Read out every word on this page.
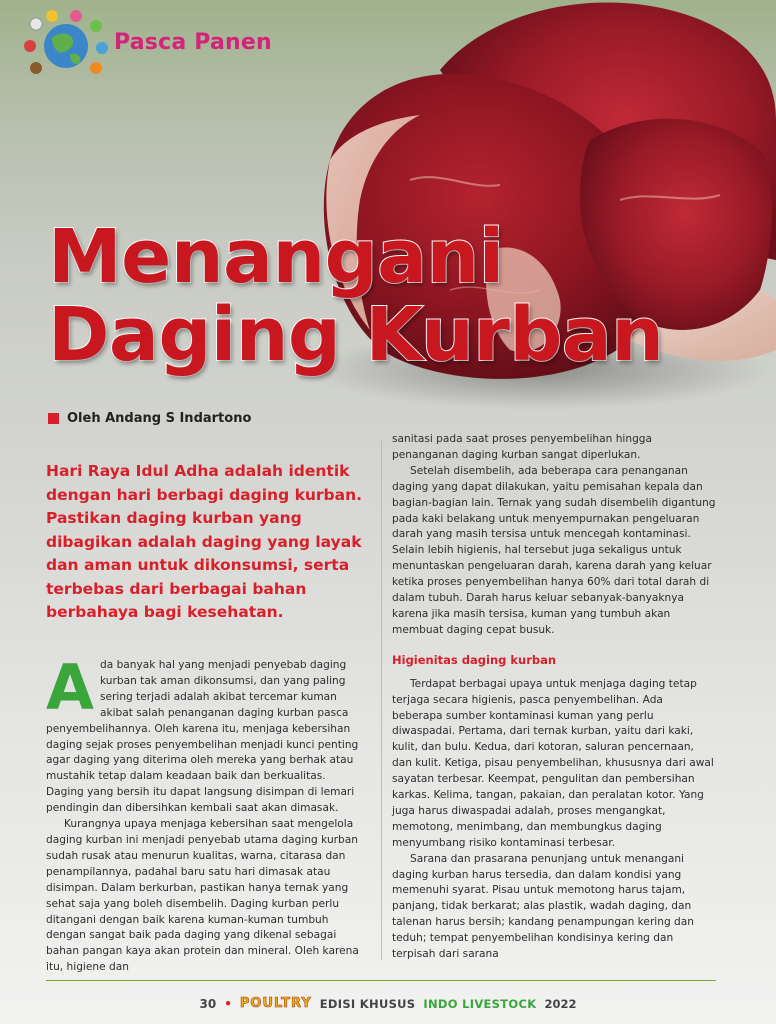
Pasca Panen
Menangani
Daging Kurban
Oleh Andang S Indartono
Hari Raya Idul Adha adalah identik dengan hari berbagi daging kurban. Pastikan daging kurban yang dibagikan adalah daging yang layak dan aman untuk dikonsumsi, serta terbebas dari berbagai bahan berbahaya bagi kesehatan.
A da banyak hal yang menjadi penyebab daging kurban tak aman dikonsumsi, dan yang paling sering terjadi adalah akibat tercemar kuman akibat salah penanganan daging kurban pasca penyembelihannya. Oleh karena itu, menjaga kebersihan daging sejak proses penyembelihan menjadi kunci penting agar daging yang diterima oleh mereka yang berhak atau mustahik tetap dalam keadaan baik dan berkualitas. Daging yang bersih itu dapat langsung disimpan di lemari pendingin dan dibersihkan kembali saat akan dimasak.

Kurangnya upaya menjaga kebersihan saat mengelola daging kurban ini menjadi penyebab utama daging kurban sudah rusak atau menurun kualitas, warna, citarasa dan penampilannya, padahal baru satu hari dimasak atau disimpan. Dalam berkurban, pastikan hanya ternak yang sehat saja yang boleh disembelih. Daging kurban perlu ditangani dengan baik karena kuman-kuman tumbuh dengan sangat baik pada daging yang dikenal sebagai bahan pangan kaya akan protein dan mineral. Oleh karena itu, higiene dan

sanitasi pada saat proses penyembelihan hingga penanganan daging kurban sangat diperlukan.

Setelah disembelih, ada beberapa cara penanganan daging yang dapat dilakukan, yaitu pemisahan kepala dan bagian-bagian lain. Ternak yang sudah disembelih digantung pada kaki belakang untuk menyempurnakan pengeluaran darah yang masih tersisa untuk mencegah kontaminasi. Selain lebih higienis, hal tersebut juga sekaligus untuk menuntaskan pengeluaran darah, karena darah yang keluar ketika proses penyembelihan hanya 60% dari total darah di dalam tubuh. Darah harus keluar sebanyak-banyaknya karena jika masih tersisa, kuman yang tumbuh akan membuat daging cepat busuk.

Higienitas daging kurban

Terdapat berbagai upaya untuk menjaga daging tetap terjaga secara higienis, pasca penyembelihan. Ada beberapa sumber kontaminasi kuman yang perlu diwaspadai. Pertama, dari ternak kurban, yaitu dari kaki, kulit, dan bulu. Kedua, dari kotoran, saluran pencernaan, dan kulit. Ketiga, pisau penyembelihan, khususnya dari awal sayatan terbesar. Keempat, pengulitan dan pembersihan karkas. Kelima, tangan, pakaian, dan peralatan kotor. Yang juga harus diwaspadai adalah, proses mengangkat, memotong, menimbang, dan membungkus daging menyumbang risiko kontaminasi terbesar.

Sarana dan prasarana penunjang untuk menangani daging kurban harus tersedia, dan dalam kondisi yang memenuhi syarat. Pisau untuk memotong harus tajam, panjang, tidak berkarat; alas plastik, wadah daging, dan talenan harus bersih; kandang penampungan kering dan teduh; tempat penyembelihan kondisinya kering dan terpisah dari sarana

30 • POULTRY EDISI KHUSUS INDO LIVESTOCK 2022
